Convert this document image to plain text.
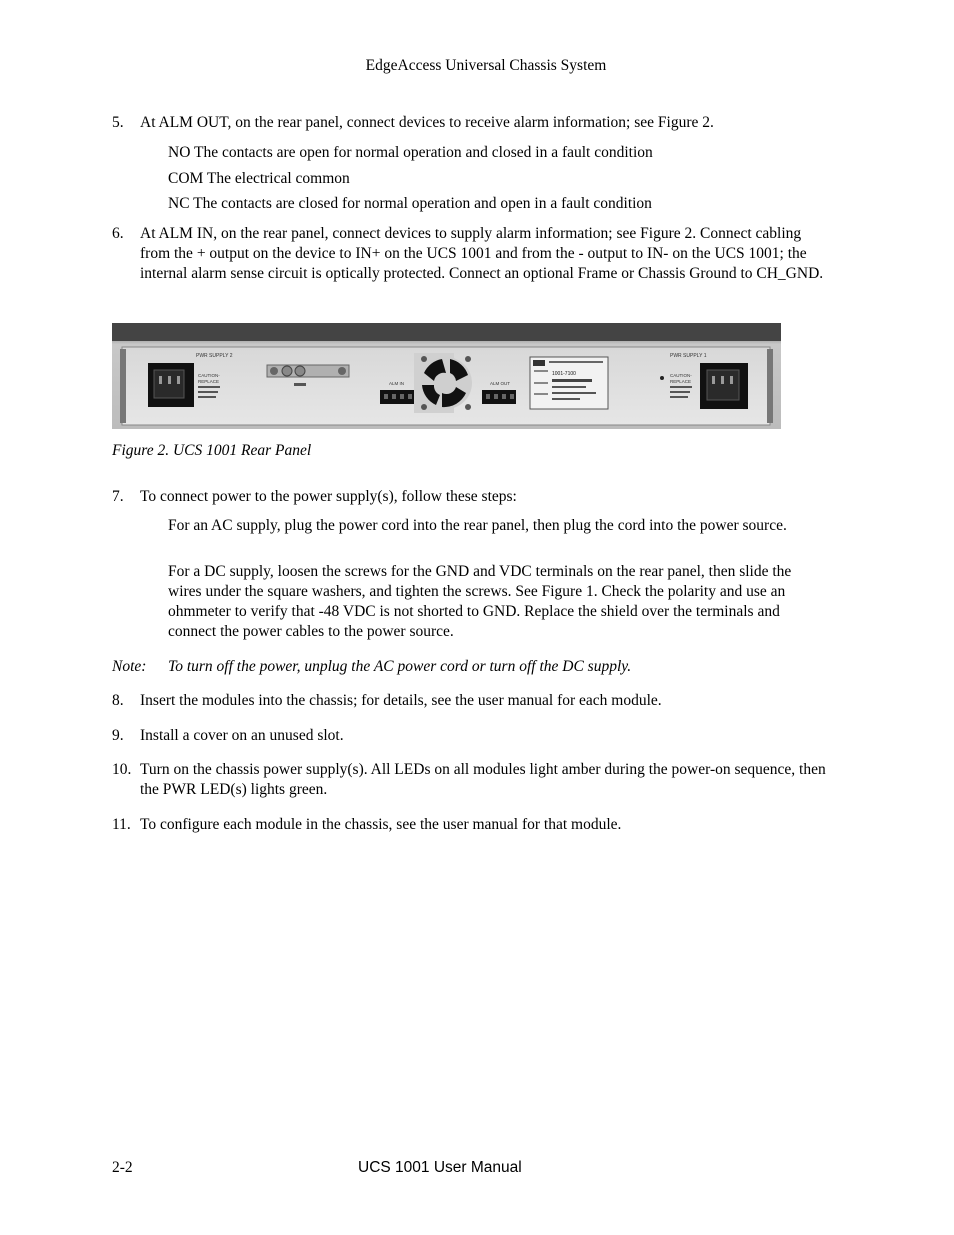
EdgeAccess Universal Chassis System
5. At ALM OUT, on the rear panel, connect devices to receive alarm information; see Figure 2.
NO The contacts are open for normal operation and closed in a fault condition
COM The electrical common
NC The contacts are closed for normal operation and open in a fault condition
6. At ALM IN, on the rear panel, connect devices to supply alarm information; see Figure 2. Connect cabling from the + output on the device to IN+ on the UCS 1001 and from the - output to IN- on the UCS 1001; the internal alarm sense circuit is optically protected. Connect an optional Frame or Chassis Ground to CH_GND.
PWR SUPPLY 2
CAUTION-
REPLACE	ALM IN	ALM OUT
1001-7100
PWR SUPPLY 1
CAUTION-
REPLACE
Figure 2. UCS 1001 Rear Panel
7. To connect power to the power supply(s), follow these steps:
For an AC supply, plug the power cord into the rear panel, then plug the cord into the power source.
For a DC supply, loosen the screws for the GND and VDC terminals on the rear panel, then slide the wires under the square washers, and tighten the screws. See Figure 1. Check the polarity and use an ohmmeter to verify that -48 VDC is not shorted to GND. Replace the shield over the terminals and connect the power cables to the power source.
Note: To turn off the power, unplug the AC power cord or turn off the DC supply.
8. Insert the modules into the chassis; for details, see the user manual for each module.
9. Install a cover on an unused slot.
10. Turn on the chassis power supply(s). All LEDs on all modules light amber during the power-on sequence, then the PWR LED(s) lights green.
11. To configure each module in the chassis, see the user manual for that module.
2-2	UCS 1001 User Manual
